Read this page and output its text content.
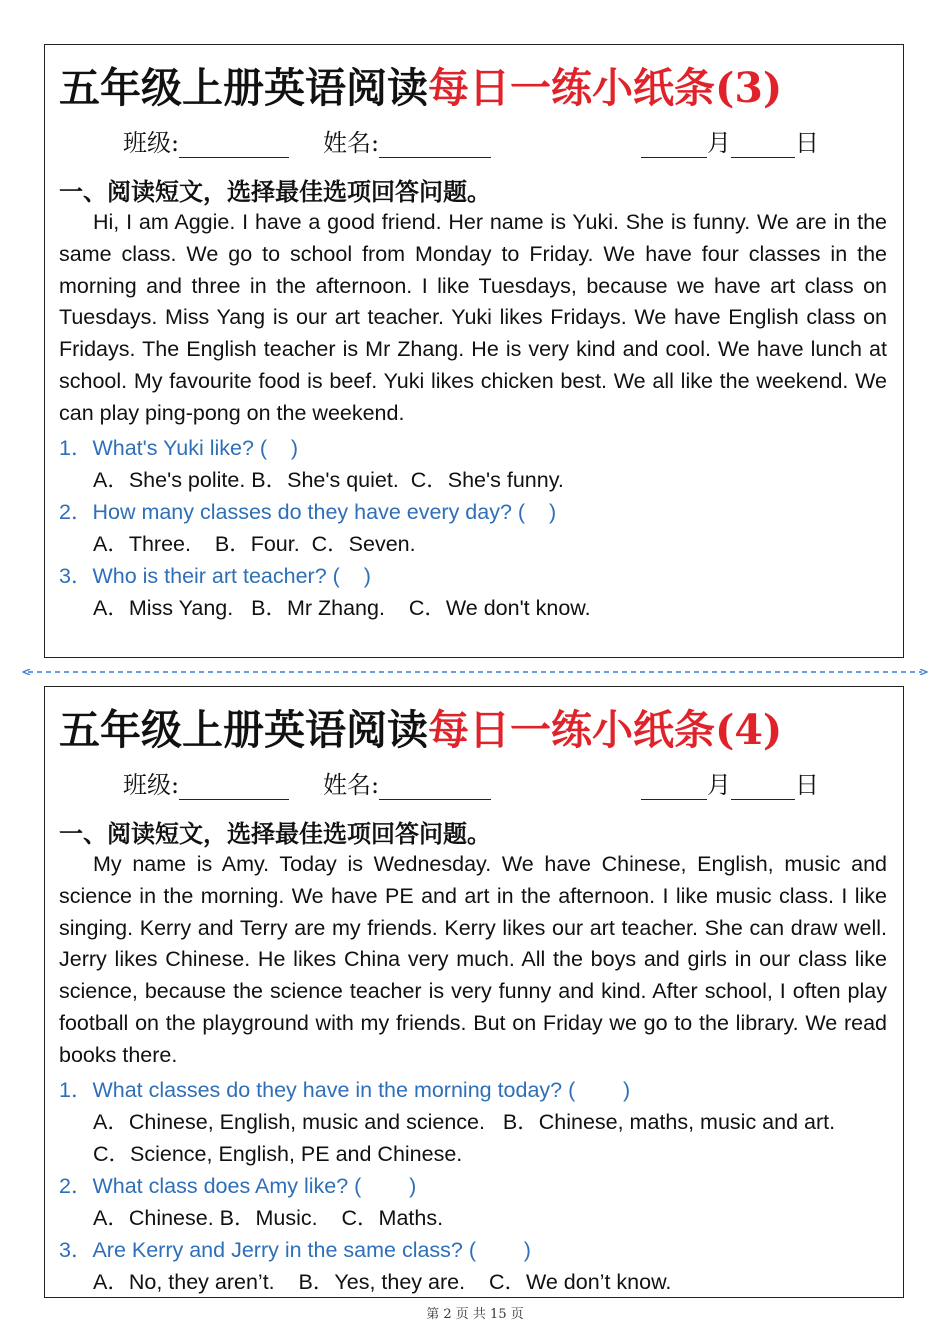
五年级上册英语阅读每日一练小纸条(3)
班级:	姓名:	月	日
一、阅读短文，选择最佳选项回答问题。
Hi, I am Aggie. I have a good friend. Her name is Yuki. She is funny. We are in the same class. We go to school from Monday to Friday. We have four classes in the morning and three in the afternoon. I like Tuesdays, because we have art class on Tuesdays. Miss Yang is our art teacher. Yuki likes Fridays. We have English class on Fridays. The English teacher is Mr Zhang. He is very kind and cool. We have lunch at school. My favourite food is beef. Yuki likes chicken best. We all like the weekend. We can play ping-pong on the weekend.
1．What's Yuki like? (    )
A．She's polite. B．She's quiet.  C．She's funny.
2．How many classes do they have every day? (    )
A．Three.    B．Four.  C．Seven.
3．Who is their art teacher? (    )
A．Miss Yang.   B．Mr Zhang.    C．We don't know.
五年级上册英语阅读每日一练小纸条(4)
班级:	姓名:	月	日
一、阅读短文，选择最佳选项回答问题。
My name is Amy. Today is Wednesday. We have Chinese, English, music and science in the morning. We have PE and art in the afternoon. I like music class. I like singing. Kerry and Terry are my friends. Kerry likes our art teacher. She can draw well. Jerry likes Chinese. He likes China very much. All the boys and girls in our class like science, because the science teacher is very funny and kind. After school, I often play football on the playground with my friends. But on Friday we go to the library. We read books there.
1．What classes do they have in the morning today? (        )
A．Chinese, English, music and science.   B．Chinese, maths, music and art.
C．Science, English, PE and Chinese.
2．What class does Amy like? (        )
A．Chinese. B．Music.    C．Maths.
3．Are Kerry and Jerry in the same class? (        )
A．No, they aren’t.    B．Yes, they are.    C．We don’t know.
第 2 页 共 15 页
